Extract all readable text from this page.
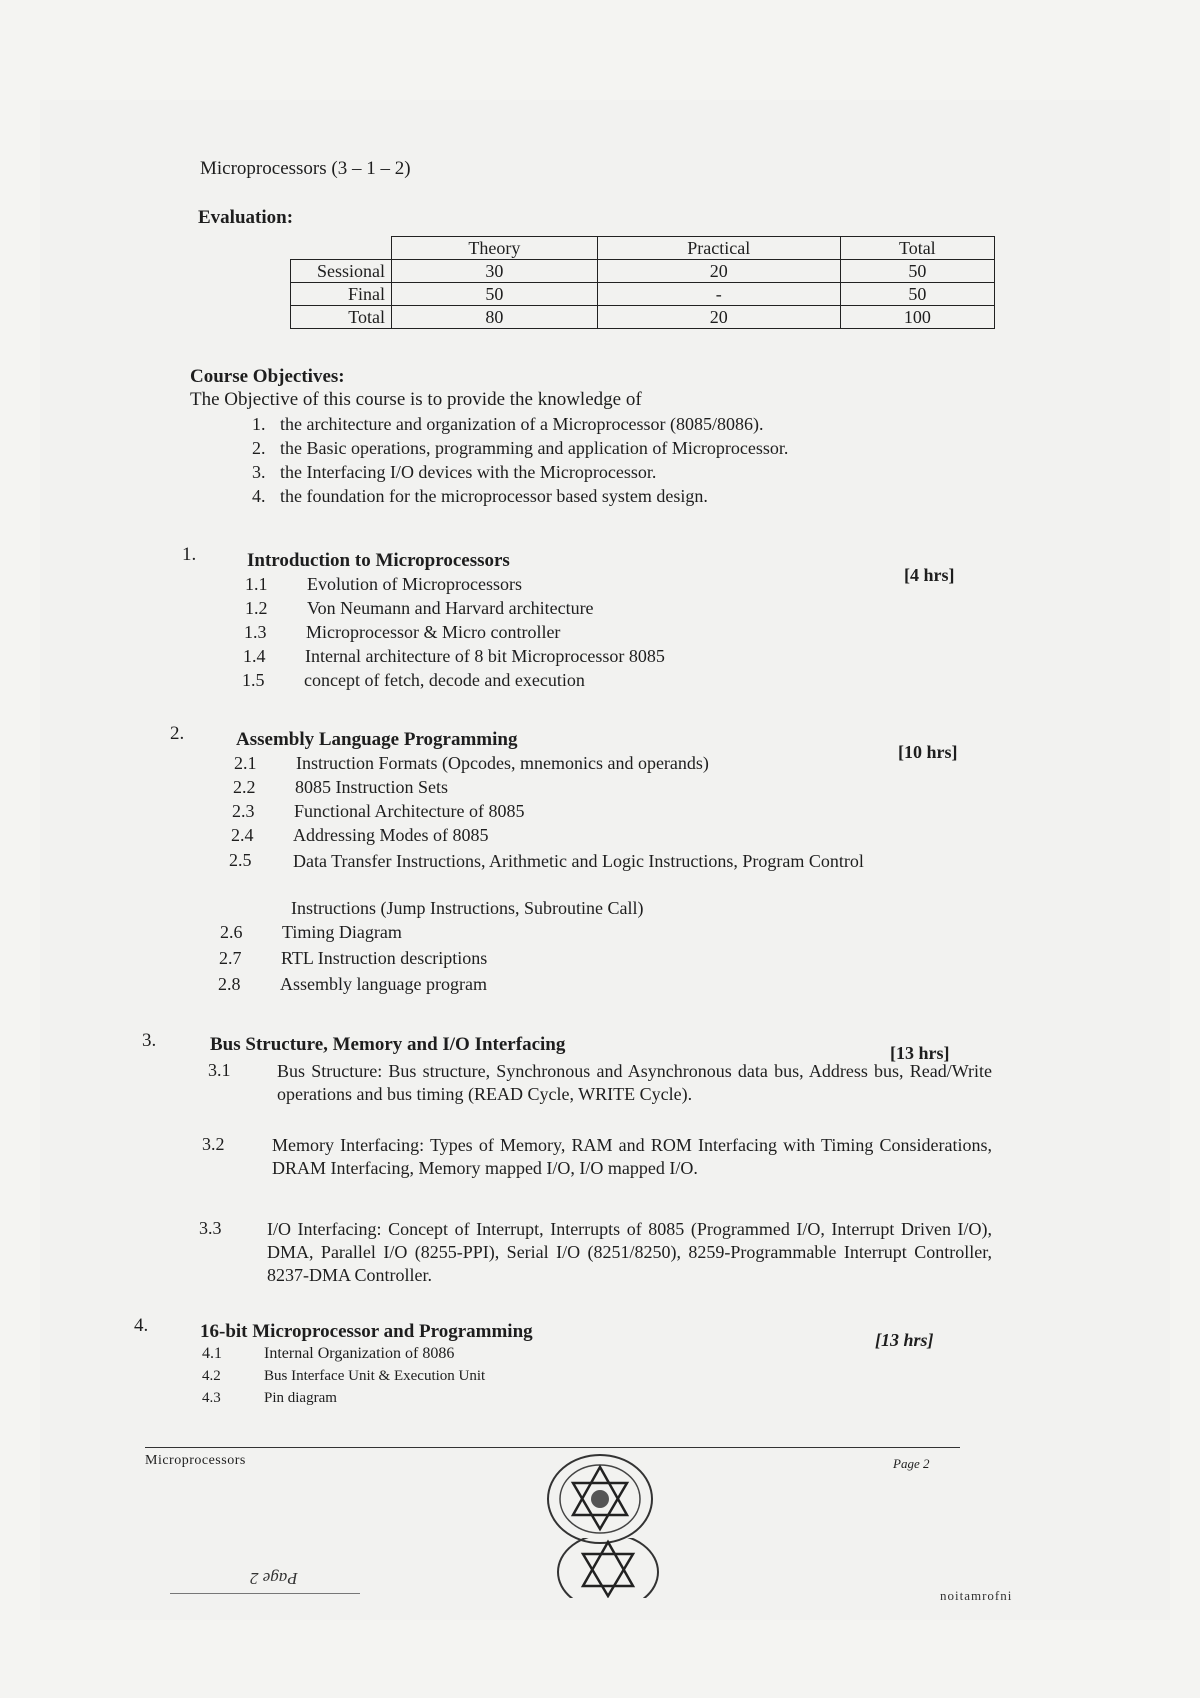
Microprocessors (3 – 1 – 2)
Evaluation:
	Theory	Practical	Total
Sessional	30	20	50
Final	50	-	50
Total	80	20	100
Course Objectives:
The Objective of this course is to provide the knowledge of
1. the architecture and organization of a Microprocessor (8085/8086).
2. the Basic operations, programming and application of Microprocessor.
3. the Interfacing I/O devices with the Microprocessor.
4. the foundation for the microprocessor based system design.
1.	Introduction to Microprocessors
[4 hrs]
1.1 Evolution of Microprocessors
1.2 Von Neumann and Harvard architecture
1.3 Microprocessor & Micro controller
1.4 Internal architecture of 8 bit Microprocessor 8085
1.5 concept of fetch, decode and execution
2.	Assembly Language Programming
[10 hrs]
2.1 Instruction Formats (Opcodes, mnemonics and operands)
2.2 8085 Instruction Sets
2.3 Functional Architecture of 8085
2.4 Addressing Modes of 8085
2.5 Data Transfer Instructions, Arithmetic and Logic Instructions, Program Control
Instructions (Jump Instructions, Subroutine Call)
2.6 Timing Diagram
2.7 RTL Instruction descriptions
2.8 Assembly language program
3.	Bus Structure, Memory and I/O Interfacing	[13 hrs]
3.1	Bus Structure: Bus structure, Synchronous and Asynchronous data bus, Address bus, Read/Write operations and bus timing (READ Cycle, WRITE Cycle).
3.2	Memory Interfacing: Types of Memory, RAM and ROM Interfacing with Timing Considerations, DRAM Interfacing, Memory mapped I/O, I/O mapped I/O.
3.3	I/O Interfacing: Concept of Interrupt, Interrupts of 8085 (Programmed I/O, Interrupt Driven I/O), DMA, Parallel I/O (8255-PPI), Serial I/O (8251/8250), 8259-Programmable Interrupt Controller, 8237-DMA Controller.
4.	16-bit Microprocessor and Programming	[13 hrs]
4.1	Internal Organization of 8086
4.2	Bus Interface Unit & Execution Unit
4.3	Pin diagram
Microprocessors	Page 2
Page 2
noitamrofni
